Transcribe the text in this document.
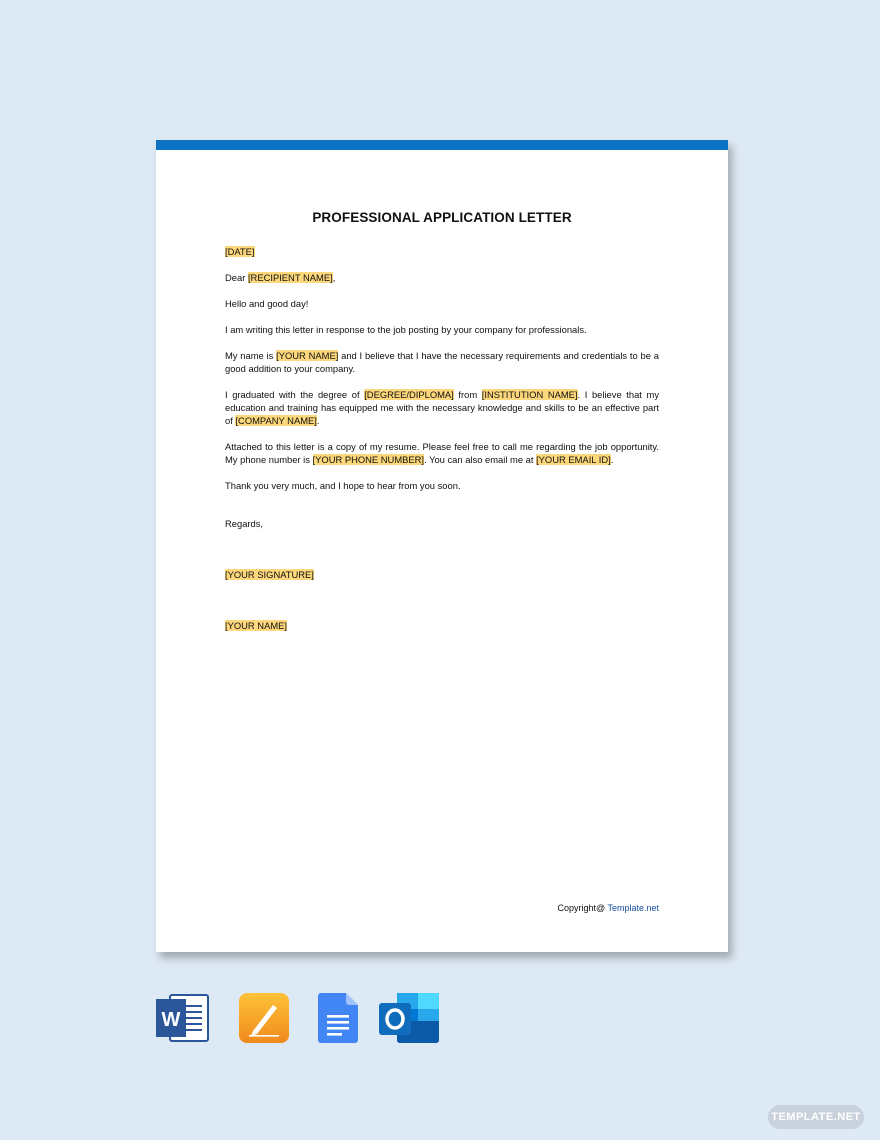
PROFESSIONAL APPLICATION LETTER

[DATE]

Dear [RECIPIENT NAME],

Hello and good day!

I am writing this letter in response to the job posting by your company for professionals.

My name is [YOUR NAME] and I believe that I have the necessary requirements and credentials to be a good addition to your company.

I graduated with the degree of [DEGREE/DIPLOMA] from [INSTITUTION NAME]. I believe that my education and training has equipped me with the necessary knowledge and skills to be an effective part of [COMPANY NAME].

Attached to this letter is a copy of my resume. Please feel free to call me regarding the job opportunity. My phone number is [YOUR PHONE NUMBER]. You can also email me at [YOUR EMAIL ID].

Thank you very much, and I hope to hear from you soon.

Regards,

[YOUR SIGNATURE]

[YOUR NAME]

Copyright@ Template.net
W
TEMPLATE.NET
